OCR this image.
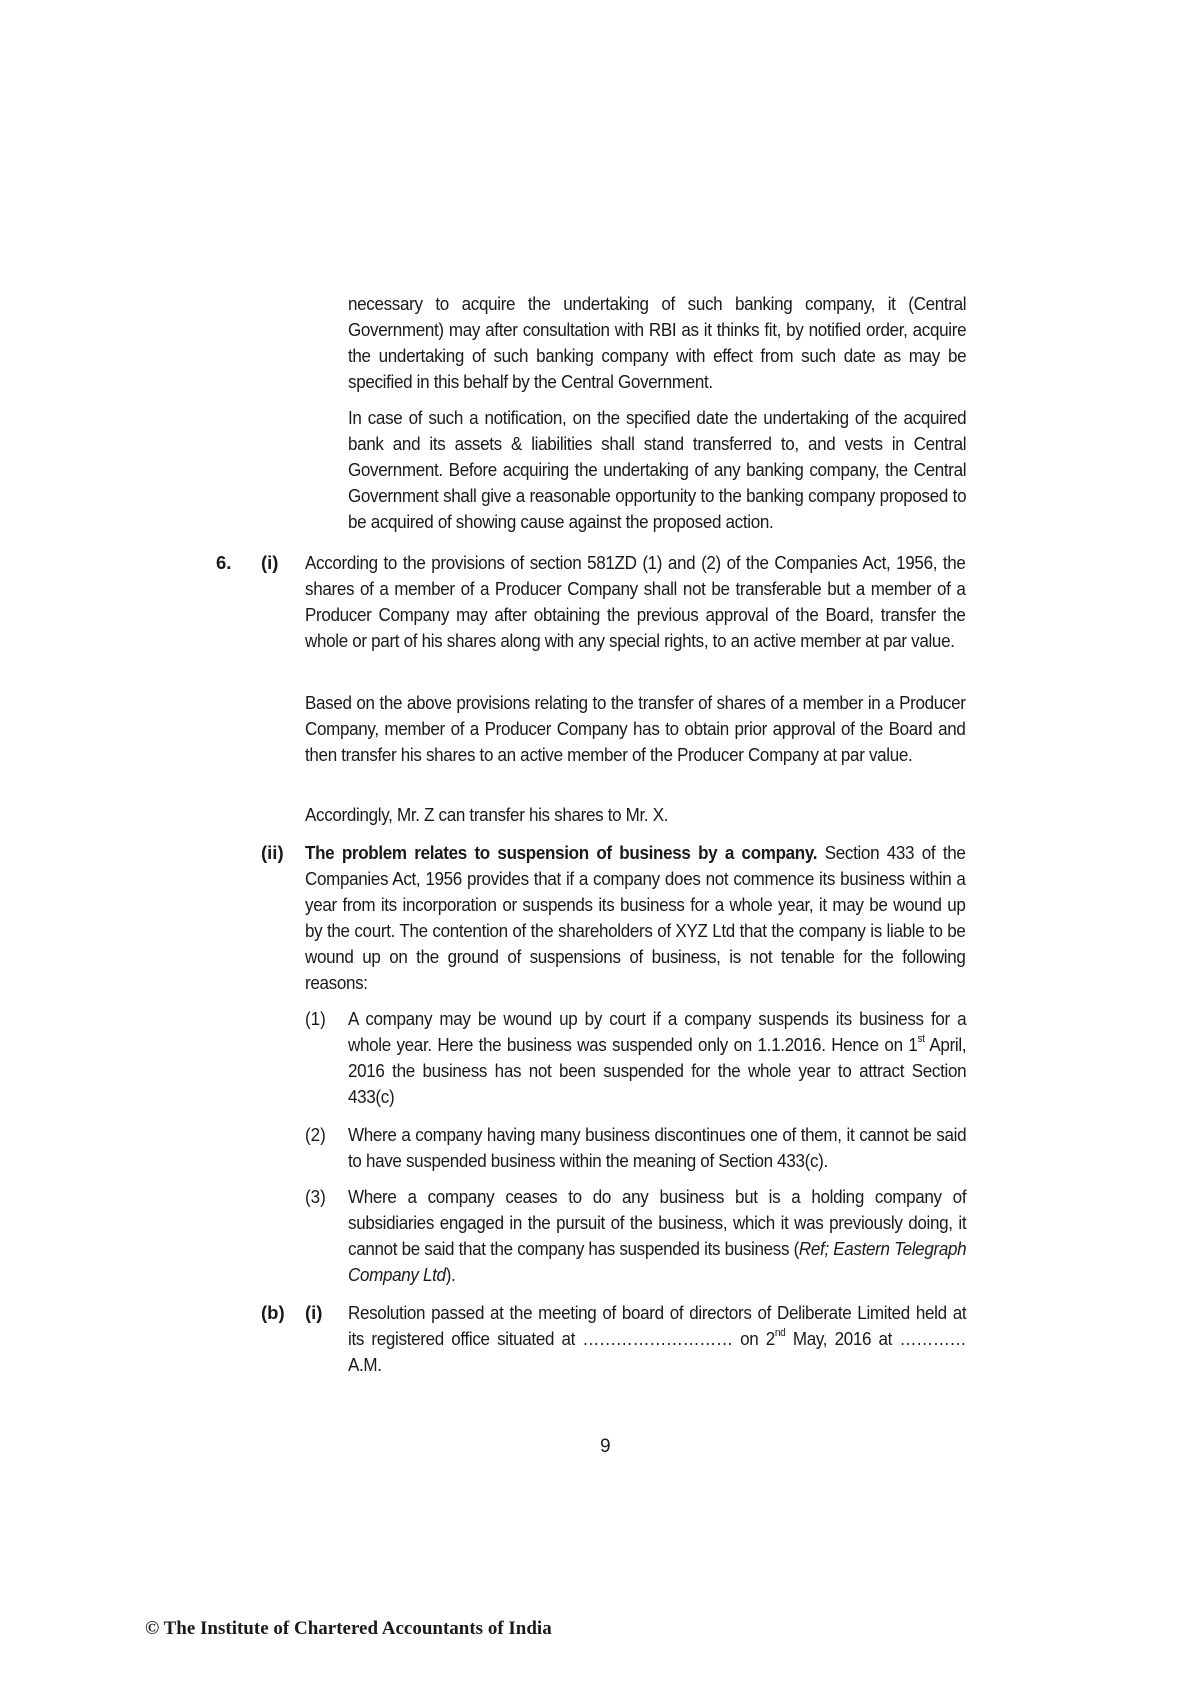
necessary to acquire the undertaking of such banking company, it (Central Government) may after consultation with RBI as it thinks fit, by notified order, acquire the undertaking of such banking company with effect from such date as may be specified in this behalf by the Central Government.

In case of such a notification, on the specified date the undertaking of the acquired bank and its assets & liabilities shall stand transferred to, and vests in Central Government. Before acquiring the undertaking of any banking company, the Central Government shall give a reasonable opportunity to the banking company proposed to be acquired of showing cause against the proposed action.

6. (i) According to the provisions of section 581ZD (1) and (2) of the Companies Act, 1956, the shares of a member of a Producer Company shall not be transferable but a member of a Producer Company may after obtaining the previous approval of the Board, transfer the whole or part of his shares along with any special rights, to an active member at par value.

Based on the above provisions relating to the transfer of shares of a member in a Producer Company, member of a Producer Company has to obtain prior approval of the Board and then transfer his shares to an active member of the Producer Company at par value.

Accordingly, Mr. Z can transfer his shares to Mr. X.

(ii) The problem relates to suspension of business by a company. Section 433 of the Companies Act, 1956 provides that if a company does not commence its business within a year from its incorporation or suspends its business for a whole year, it may be wound up by the court. The contention of the shareholders of XYZ Ltd that the company is liable to be wound up on the ground of suspensions of business, is not tenable for the following reasons:

(1) A company may be wound up by court if a company suspends its business for a whole year. Here the business was suspended only on 1.1.2016. Hence on 1st April, 2016 the business has not been suspended for the whole year to attract Section 433(c)

(2) Where a company having many business discontinues one of them, it cannot be said to have suspended business within the meaning of Section 433(c).

(3) Where a company ceases to do any business but is a holding company of subsidiaries engaged in the pursuit of the business, which it was previously doing, it cannot be said that the company has suspended its business (Ref; Eastern Telegraph Company Ltd).

(b) (i) Resolution passed at the meeting of board of directors of Deliberate Limited held at its registered office situated at ……………………… on 2nd May, 2016 at ………… A.M.

9
© The Institute of Chartered Accountants of India
